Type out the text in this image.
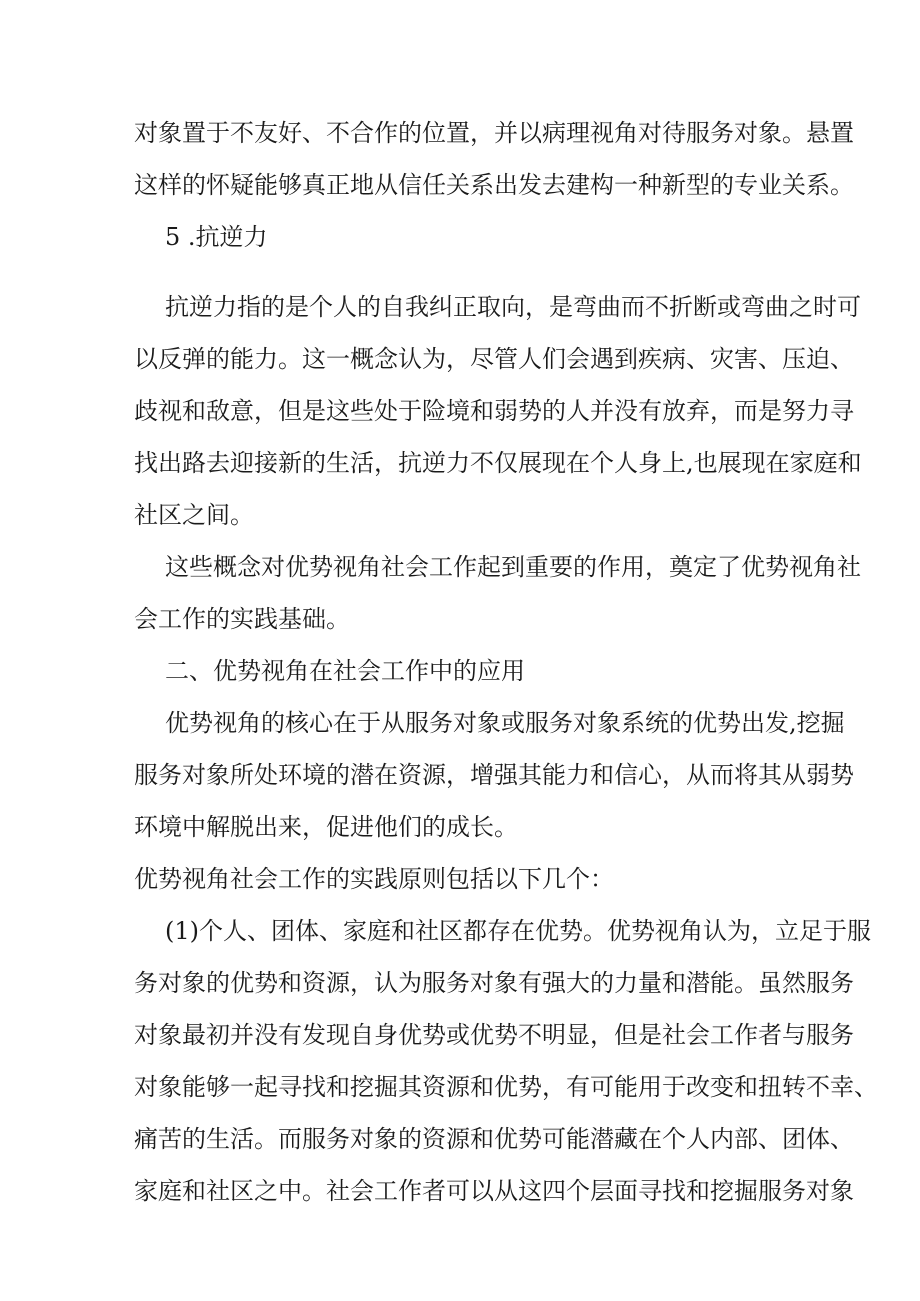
对象置于不友好、不合作的位置，并以病理视角对待服务对象。悬置

这样的怀疑能够真正地从信任关系出发去建构一种新型的专业关系。

5 .抗逆力

抗逆力指的是个人的自我纠正取向，是弯曲而不折断或弯曲之时可

以反弹的能力。这一概念认为，尽管人们会遇到疾病、灾害、压迫、

歧视和敌意，但是这些处于险境和弱势的人并没有放弃，而是努力寻

找出路去迎接新的生活，抗逆力不仅展现在个人身上,也展现在家庭和

社区之间。

这些概念对优势视角社会工作起到重要的作用，奠定了优势视角社

会工作的实践基础。

二、优势视角在社会工作中的应用

优势视角的核心在于从服务对象或服务对象系统的优势出发,挖掘

服务对象所处环境的潜在资源，增强其能力和信心，从而将其从弱势

环境中解脱出来，促进他们的成长。

优势视角社会工作的实践原则包括以下几个：

(1)个人、团体、家庭和社区都存在优势。优势视角认为，立足于服

务对象的优势和资源，认为服务对象有强大的力量和潜能。虽然服务

对象最初并没有发现自身优势或优势不明显，但是社会工作者与服务

对象能够一起寻找和挖掘其资源和优势，有可能用于改变和扭转不幸、

痛苦的生活。而服务对象的资源和优势可能潜藏在个人内部、团体、

家庭和社区之中。社会工作者可以从这四个层面寻找和挖掘服务对象
